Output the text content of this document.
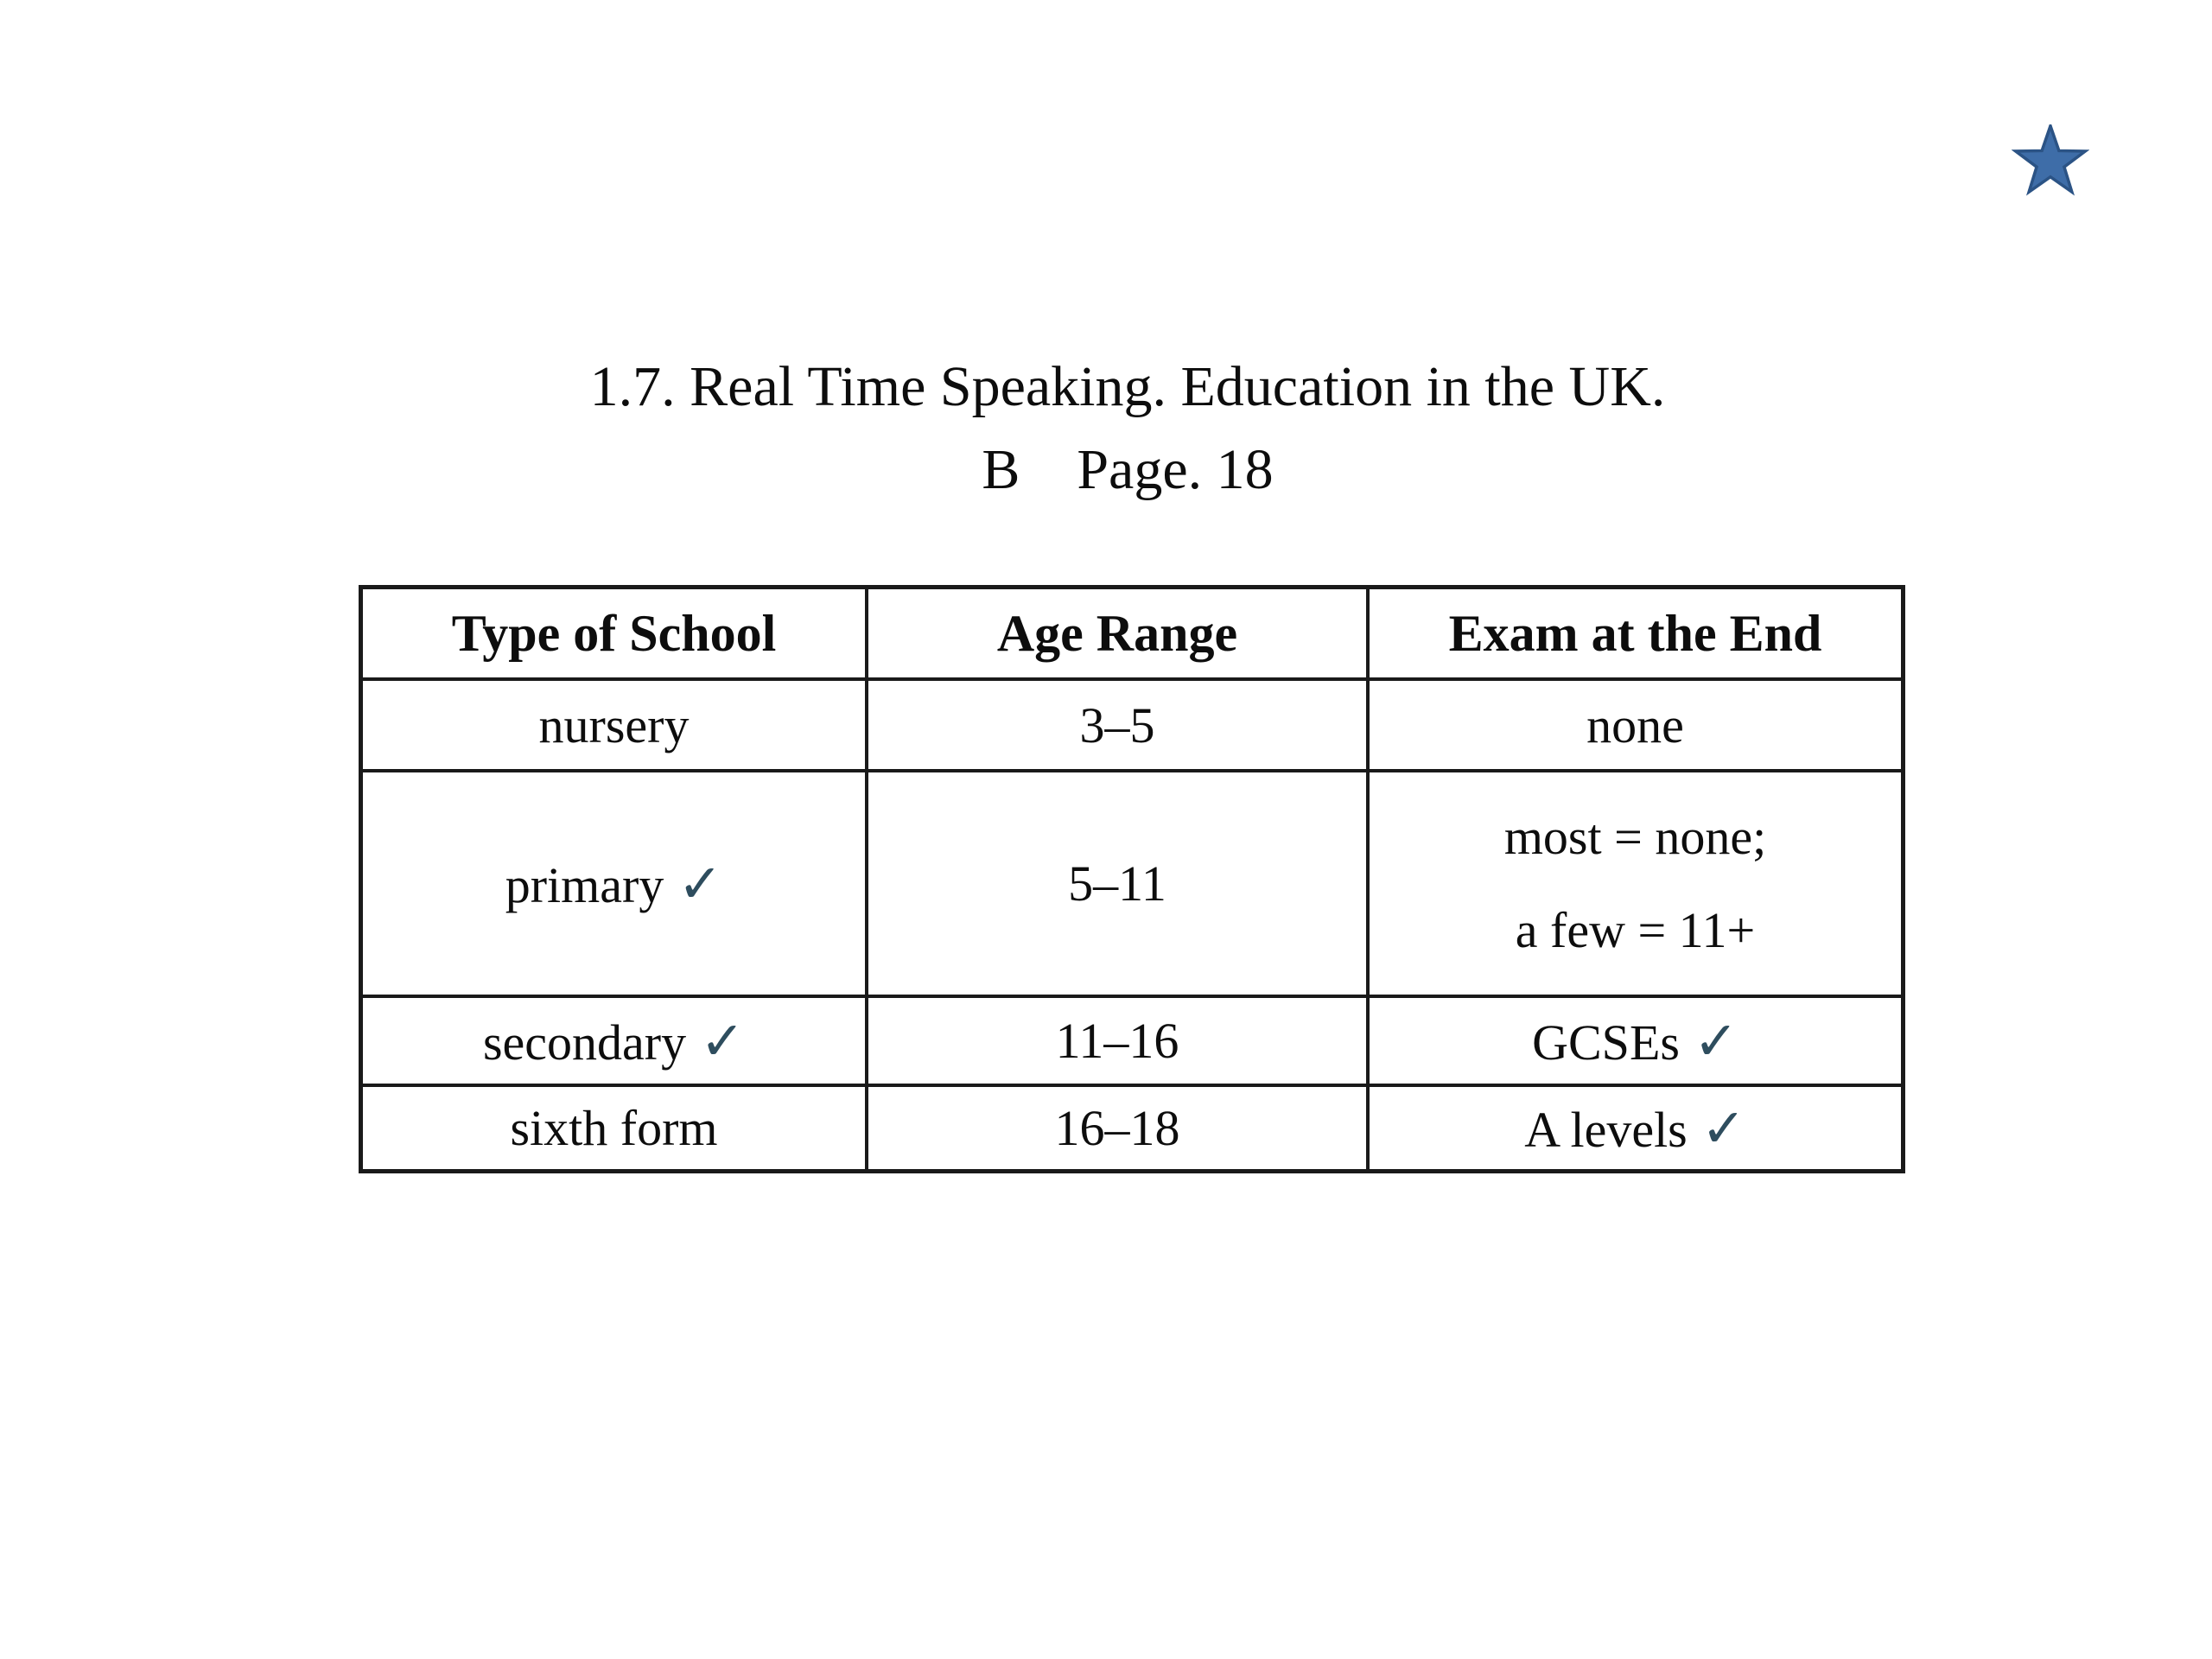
1.7. Real Time Speaking. Education in the UK.
B    Page. 18
Type of School	Age Range	Exam at the End
nursery	3–5	none
primary ✓	5–11	most = none;
a few = 11+

secondary ✓	11–16	GCSEs ✓
sixth form	16–18	A levels ✓
